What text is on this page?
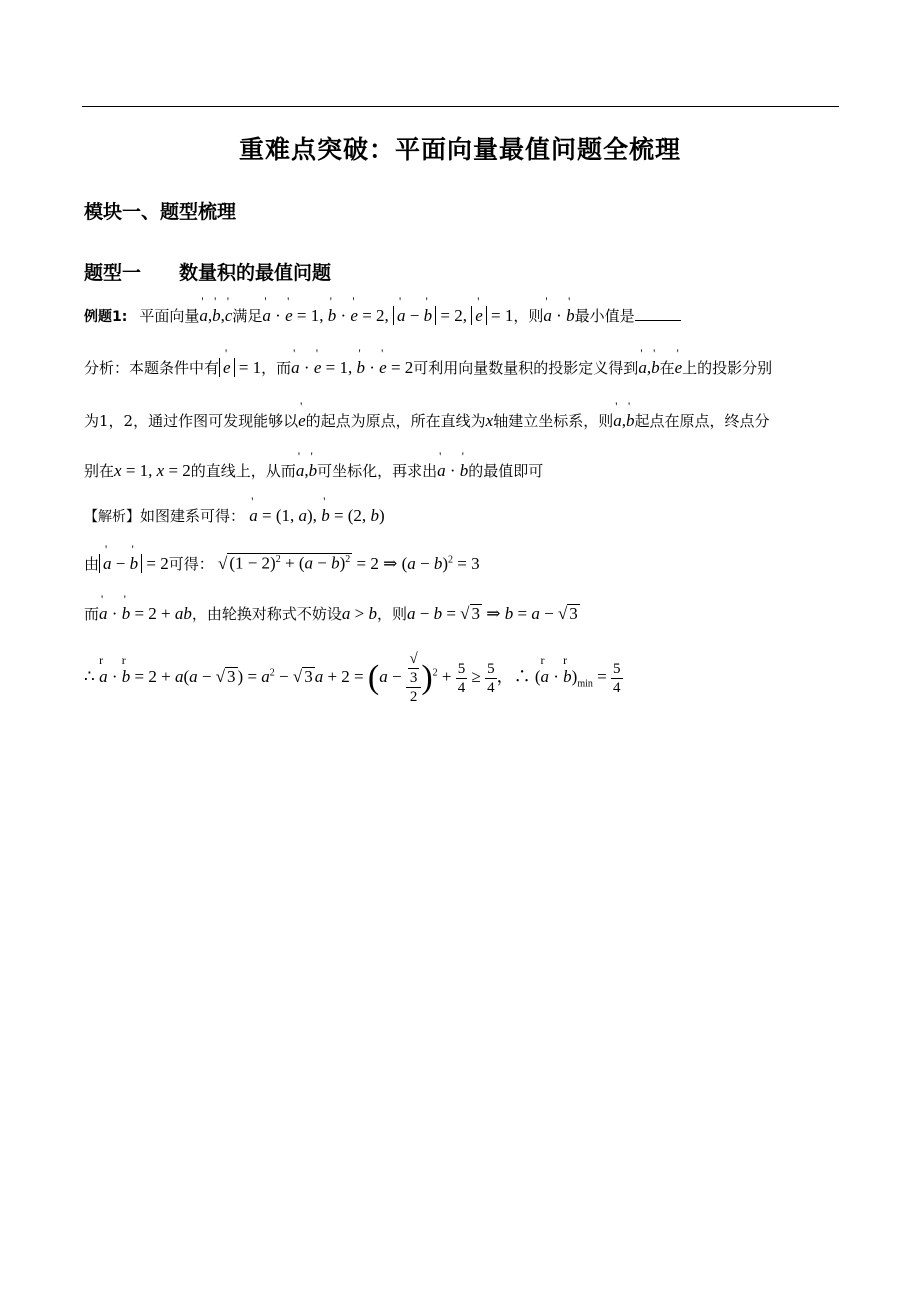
重难点突破：平面向量最值问题全梳理
模块一、题型梳理
题型一　　数量积的最值问题
例题1: 平面向量' a,' b,' c满足' a · ' e = 1, ' b · ' e = 2, ' a − ' b = 2, ' e = 1，则' a · ' b最小值是
分析：本题条件中有 ' e = 1，而' a · ' e = 1, ' b · ' e = 2可利用向量数量积的投影定义得到' a,' b在' e上的投影分别
为1，2，通过作图可发现能够以' e的起点为原点，所在直线为x轴建立坐标系，则' a,' b起点在原点，终点分
别在x = 1, x = 2的直线上，从而' a,' b可坐标化，再求出' a · ' b的最值即可
【解析】如图建系可得： ' a = (1, a), ' b = (2, b)
由 ' a − ' b = 2可得： √ $(1 - 2)^2 + (a - b)^2 = 2$ ⇒ $(a - b)^2 = 3$
而' a · ' b = 2 + ab，由轮换对称式不妨设a > b，则a − b = √ 3 ⇒ b = a − √ 3
∴ r a · r b = 2 + a(a − √ 3 ) = $a^2$ − √ 3 a + 2 = (a − √
3
2 )$^2 + \frac{5}{4} \ge \frac{5}{4}$ ，∴ (r a · r $b)_{min} = \frac{5}{4}$
